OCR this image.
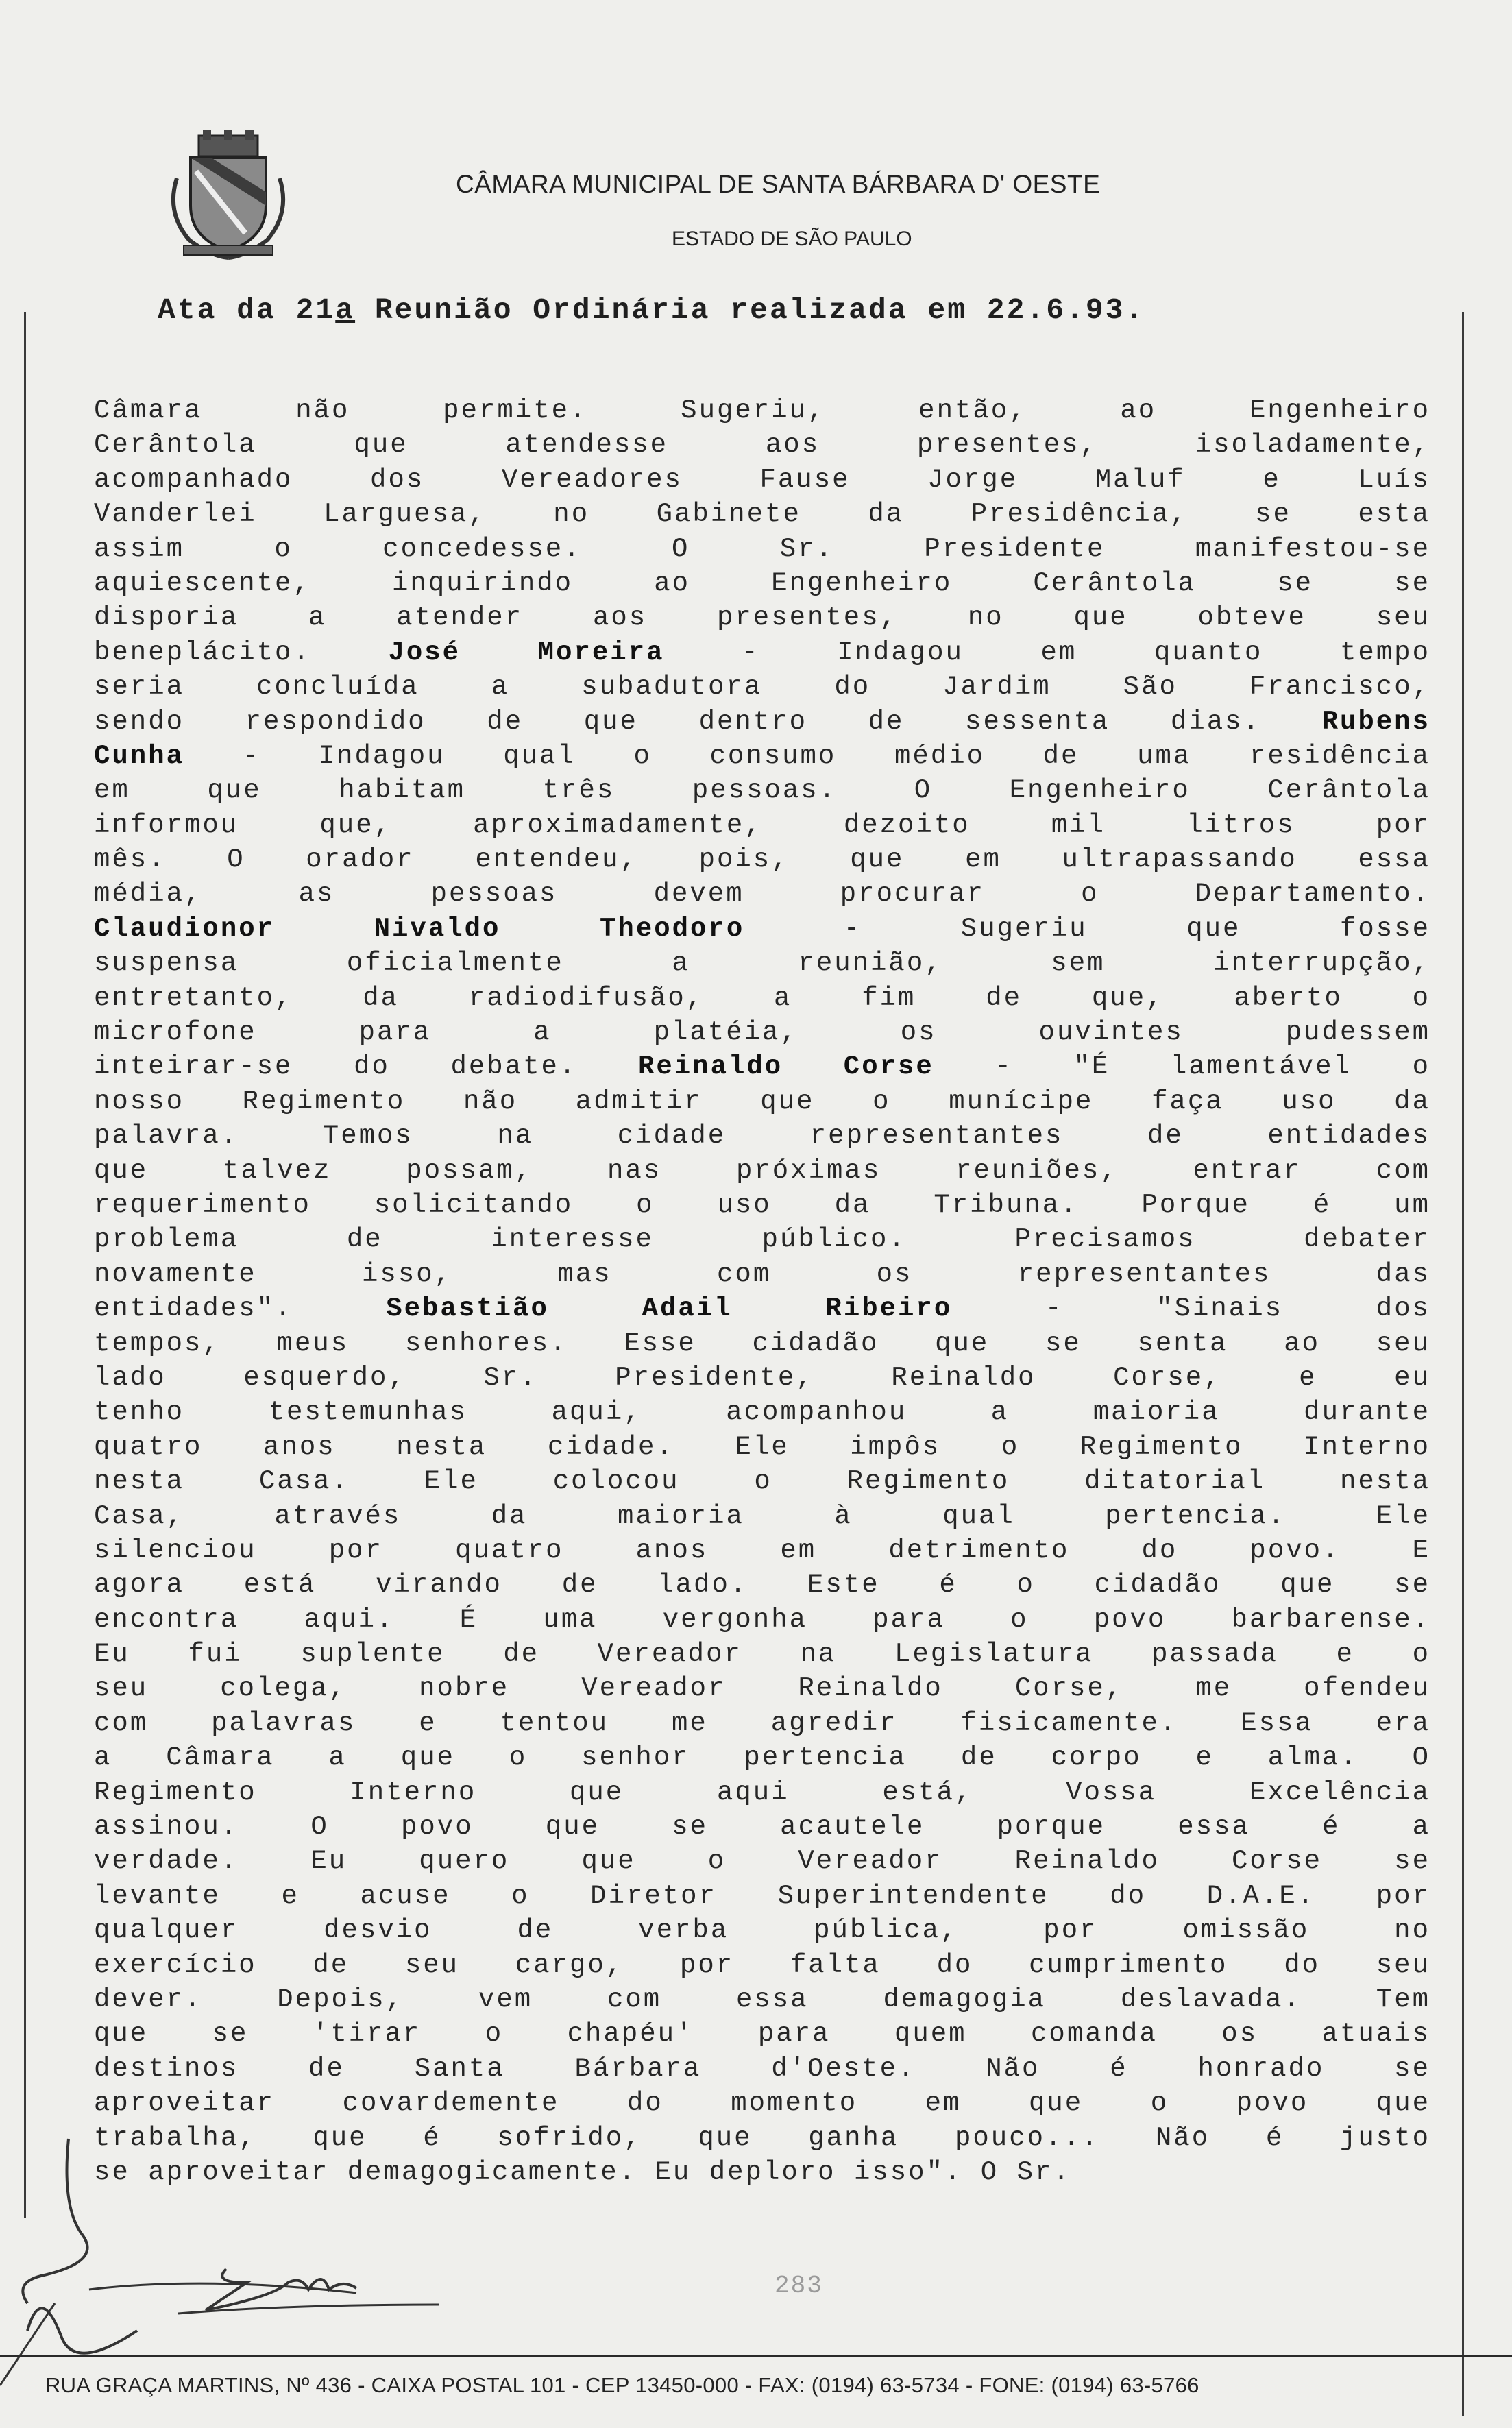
CÂMARA MUNICIPAL DE SANTA BÁRBARA D' OESTE
ESTADO DE SÃO PAULO
Ata da 21a Reunião Ordinária realizada em 22.6.93.
Câmara não permite. Sugeriu, então, ao Engenheiro
Cerântola que atendesse aos presentes, isoladamente,
acompanhado dos Vereadores Fause Jorge Maluf e Luís
Vanderlei Larguesa, no Gabinete da Presidência, se esta
assim o concedesse. O Sr. Presidente manifestou-se
aquiescente, inquirindo ao Engenheiro Cerântola se se
disporia a atender aos presentes, no que obteve seu
beneplácito. José Moreira - Indagou em quanto tempo
seria concluída a subadutora do Jardim São Francisco,
sendo respondido de que dentro de sessenta dias. Rubens
Cunha - Indagou qual o consumo médio de uma residência
em que habitam três pessoas. O Engenheiro Cerântola
informou que, aproximadamente, dezoito mil litros por
mês. O orador entendeu, pois, que em ultrapassando essa
média, as pessoas devem procurar o Departamento.
Claudionor Nivaldo Theodoro - Sugeriu que fosse
suspensa oficialmente a reunião, sem interrupção,
entretanto, da radiodifusão, a fim de que, aberto o
microfone para a platéia, os ouvintes pudessem
inteirar-se do debate. Reinaldo Corse - "É lamentável o
nosso Regimento não admitir que o munícipe faça uso da
palavra. Temos na cidade representantes de entidades
que talvez possam, nas próximas reuniões, entrar com
requerimento solicitando o uso da Tribuna. Porque é um
problema de interesse público. Precisamos debater
novamente isso, mas com os representantes das
entidades". Sebastião Adail Ribeiro - "Sinais dos
tempos, meus senhores. Esse cidadão que se senta ao seu
lado esquerdo, Sr. Presidente, Reinaldo Corse, e eu
tenho testemunhas aqui, acompanhou a maioria durante
quatro anos nesta cidade. Ele impôs o Regimento Interno
nesta Casa. Ele colocou o Regimento ditatorial nesta
Casa, através da maioria à qual pertencia. Ele
silenciou por quatro anos em detrimento do povo. E
agora está virando de lado. Este é o cidadão que se
encontra aqui. É uma vergonha para o povo barbarense.
Eu fui suplente de Vereador na Legislatura passada e o
seu colega, nobre Vereador Reinaldo Corse, me ofendeu
com palavras e tentou me agredir fisicamente. Essa era
a Câmara a que o senhor pertencia de corpo e alma. O
Regimento Interno que aqui está, Vossa Excelência
assinou. O povo que se acautele porque essa é a
verdade. Eu quero que o Vereador Reinaldo Corse se
levante e acuse o Diretor Superintendente do D.A.E. por
qualquer desvio de verba pública, por omissão no
exercício de seu cargo, por falta do cumprimento do seu
dever. Depois, vem com essa demagogia deslavada. Tem
que se 'tirar o chapéu' para quem comanda os atuais
destinos de Santa Bárbara d'Oeste. Não é honrado se
aproveitar covardemente do momento em que o povo que
trabalha, que é sofrido, que ganha pouco... Não é justo
se aproveitar demagogicamente. Eu deploro isso". O Sr.
283
RUA GRAÇA MARTINS, Nº 436 - CAIXA POSTAL 101 - CEP 13450-000 - FAX: (0194) 63-5734 - FONE: (0194) 63-5766
